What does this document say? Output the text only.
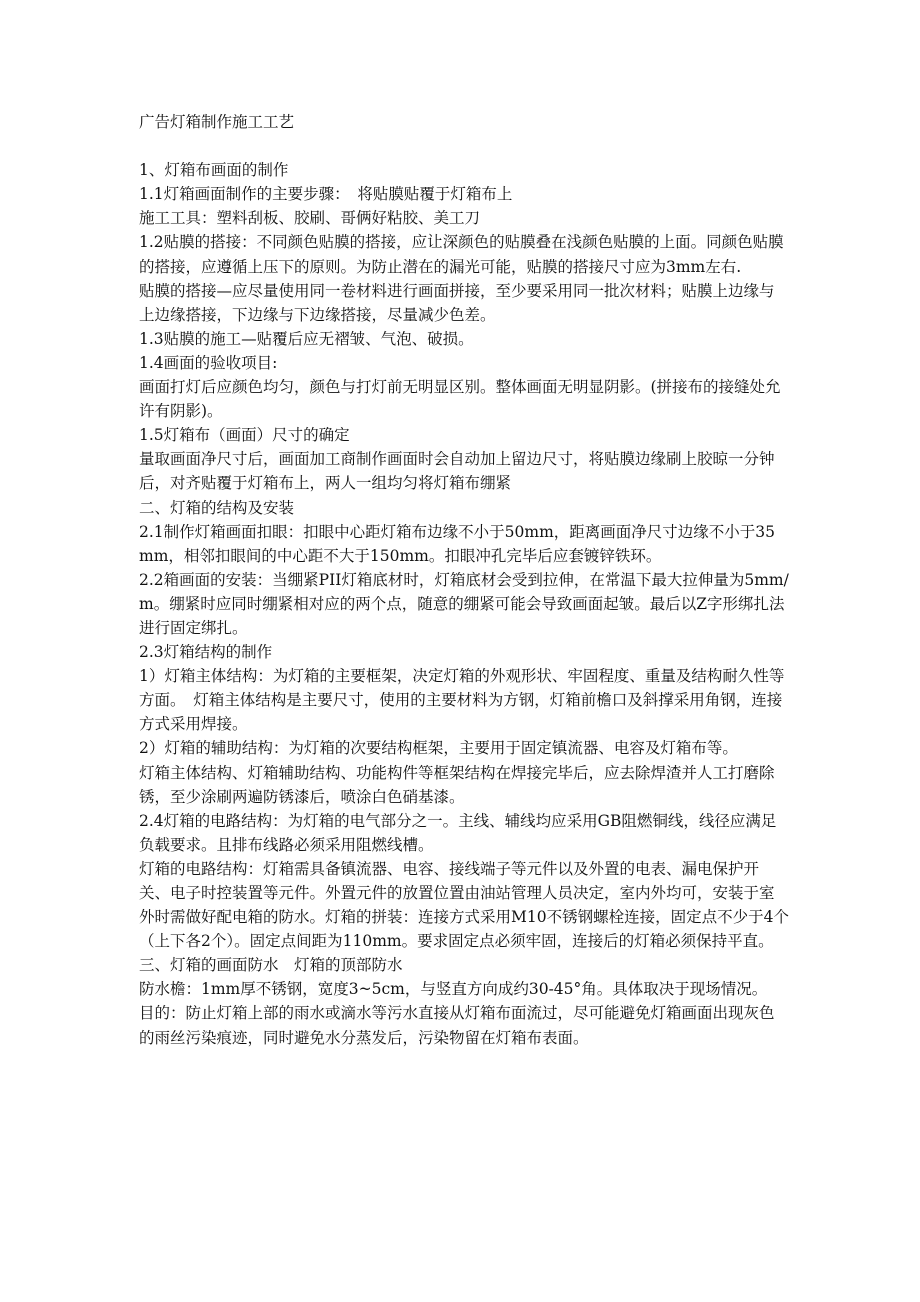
广告灯箱制作施工工艺

1、灯箱布画面的制作

1.1灯箱画面制作的主要步骤：　将贴膜贴覆于灯箱布上

施工工具：塑料刮板、胶刷、哥俩好粘胶、美工刀

1.2贴膜的搭接：不同颜色贴膜的搭接，应让深颜色的贴膜叠在浅颜色贴膜的上面。同颜色贴膜的搭接，应遵循上压下的原则。为防止潜在的漏光可能，贴膜的搭接尺寸应为3mm左右.

贴膜的搭接—应尽量使用同一卷材料进行画面拼接，至少要采用同一批次材料；贴膜上边缘与上边缘搭接，下边缘与下边缘搭接，尽量减少色差。

1.3贴膜的施工—贴覆后应无褶皱、气泡、破损。

1.4画面的验收项目:

画面打灯后应颜色均匀，颜色与打灯前无明显区别。整体画面无明显阴影。(拼接布的接缝处允许有阴影)。

1.5灯箱布（画面）尺寸的确定

量取画面净尺寸后，画面加工商制作画面时会自动加上留边尺寸，将贴膜边缘刷上胶晾一分钟后，对齐贴覆于灯箱布上，两人一组均匀将灯箱布绷紧

二、灯箱的结构及安装

2.1制作灯箱画面扣眼：扣眼中心距灯箱布边缘不小于50mm，距离画面净尺寸边缘不小于35mm，相邻扣眼间的中心距不大于150mm。扣眼冲孔完毕后应套镀锌铁环。

2.2箱画面的安装：当绷紧PII灯箱底材时，灯箱底材会受到拉伸，在常温下最大拉伸量为5mm/m。绷紧时应同时绷紧相对应的两个点，随意的绷紧可能会导致画面起皱。最后以Z字形绑扎法进行固定绑扎。

2.3灯箱结构的制作

1）灯箱主体结构：为灯箱的主要框架，决定灯箱的外观形状、牢固程度、重量及结构耐久性等方面。　灯箱主体结构是主要尺寸，使用的主要材料为方钢，灯箱前檐口及斜撑采用角钢，连接方式采用焊接。

2）灯箱的辅助结构：为灯箱的次要结构框架，主要用于固定镇流器、电容及灯箱布等。

灯箱主体结构、灯箱辅助结构、功能构件等框架结构在焊接完毕后，应去除焊渣并人工打磨除锈，至少涂刷两遍防锈漆后，喷涂白色硝基漆。

2.4灯箱的电路结构：为灯箱的电气部分之一。主线、辅线均应采用GB阻燃铜线，线径应满足负载要求。且排布线路必须采用阻燃线槽。

灯箱的电路结构：灯箱需具备镇流器、电容、接线端子等元件以及外置的电表、漏电保护开关、电子时控装置等元件。外置元件的放置位置由油站管理人员决定，室内外均可，安装于室外时需做好配电箱的防水。灯箱的拼装：连接方式采用M10不锈钢螺栓连接，固定点不少于4个（上下各2个）。固定点间距为110mm。要求固定点必须牢固，连接后的灯箱必须保持平直。

三、灯箱的画面防水　灯箱的顶部防水

防水檐：1mm厚不锈钢，宽度3~5cm，与竖直方向成约30-45°角。具体取决于现场情况。

目的：防止灯箱上部的雨水或滴水等污水直接从灯箱布面流过，尽可能避免灯箱画面出现灰色的雨丝污染痕迹，同时避免水分蒸发后，污染物留在灯箱布表面。
